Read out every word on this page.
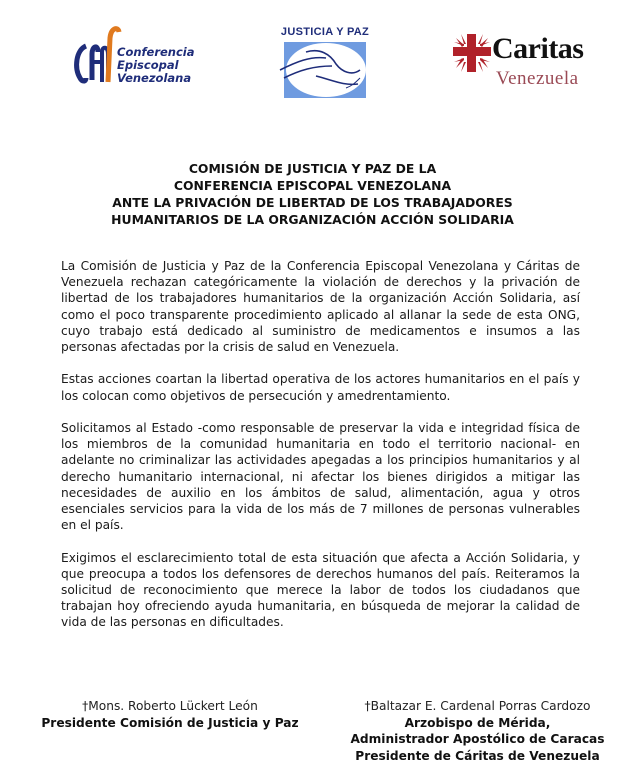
Conferencia
Episcopal
Venezolana
JUSTICIA Y PAZ	Caritas
Venezuela
COMISIÓN DE JUSTICIA Y PAZ DE LA
CONFERENCIA EPISCOPAL VENEZOLANA
ANTE LA PRIVACIÓN DE LIBERTAD DE LOS TRABAJADORES
HUMANITARIOS DE LA ORGANIZACIÓN ACCIÓN SOLIDARIA

La Comisión de Justicia y Paz de la Conferencia Episcopal Venezolana y Cáritas de Venezuela rechazan categóricamente la violación de derechos y la privación de libertad de los trabajadores humanitarios de la organización Acción Solidaria, así como el poco transparente procedimiento aplicado al allanar la sede de esta ONG, cuyo trabajo está dedicado al suministro de medicamentos e insumos a las personas afectadas por la crisis de salud en Venezuela.

Estas acciones coartan la libertad operativa de los actores humanitarios en el país y los colocan como objetivos de persecución y amedrentamiento.

Solicitamos al Estado -como responsable de preservar la vida e integridad física de los miembros de la comunidad humanitaria en todo el territorio nacional- en adelante no criminalizar las actividades apegadas a los principios humanitarios y al derecho humanitario internacional, ni afectar los bienes dirigidos a mitigar las necesidades de auxilio en los ámbitos de salud, alimentación, agua y otros esenciales servicios para la vida de los más de 7 millones de personas vulnerables en el país.

Exigimos el esclarecimiento total de esta situación que afecta a Acción Solidaria, y que preocupa a todos los defensores de derechos humanos del país. Reiteramos la solicitud de reconocimiento que merece la labor de todos los ciudadanos que trabajan hoy ofreciendo ayuda humanitaria, en búsqueda de mejorar la calidad de vida de las personas en dificultades.

†Mons. Roberto Lückert León
Presidente Comisión de Justicia y Paz
†Baltazar E. Cardenal Porras Cardozo
Arzobispo de Mérida,
Administrador Apostólico de Caracas
Presidente de Cáritas de Venezuela
